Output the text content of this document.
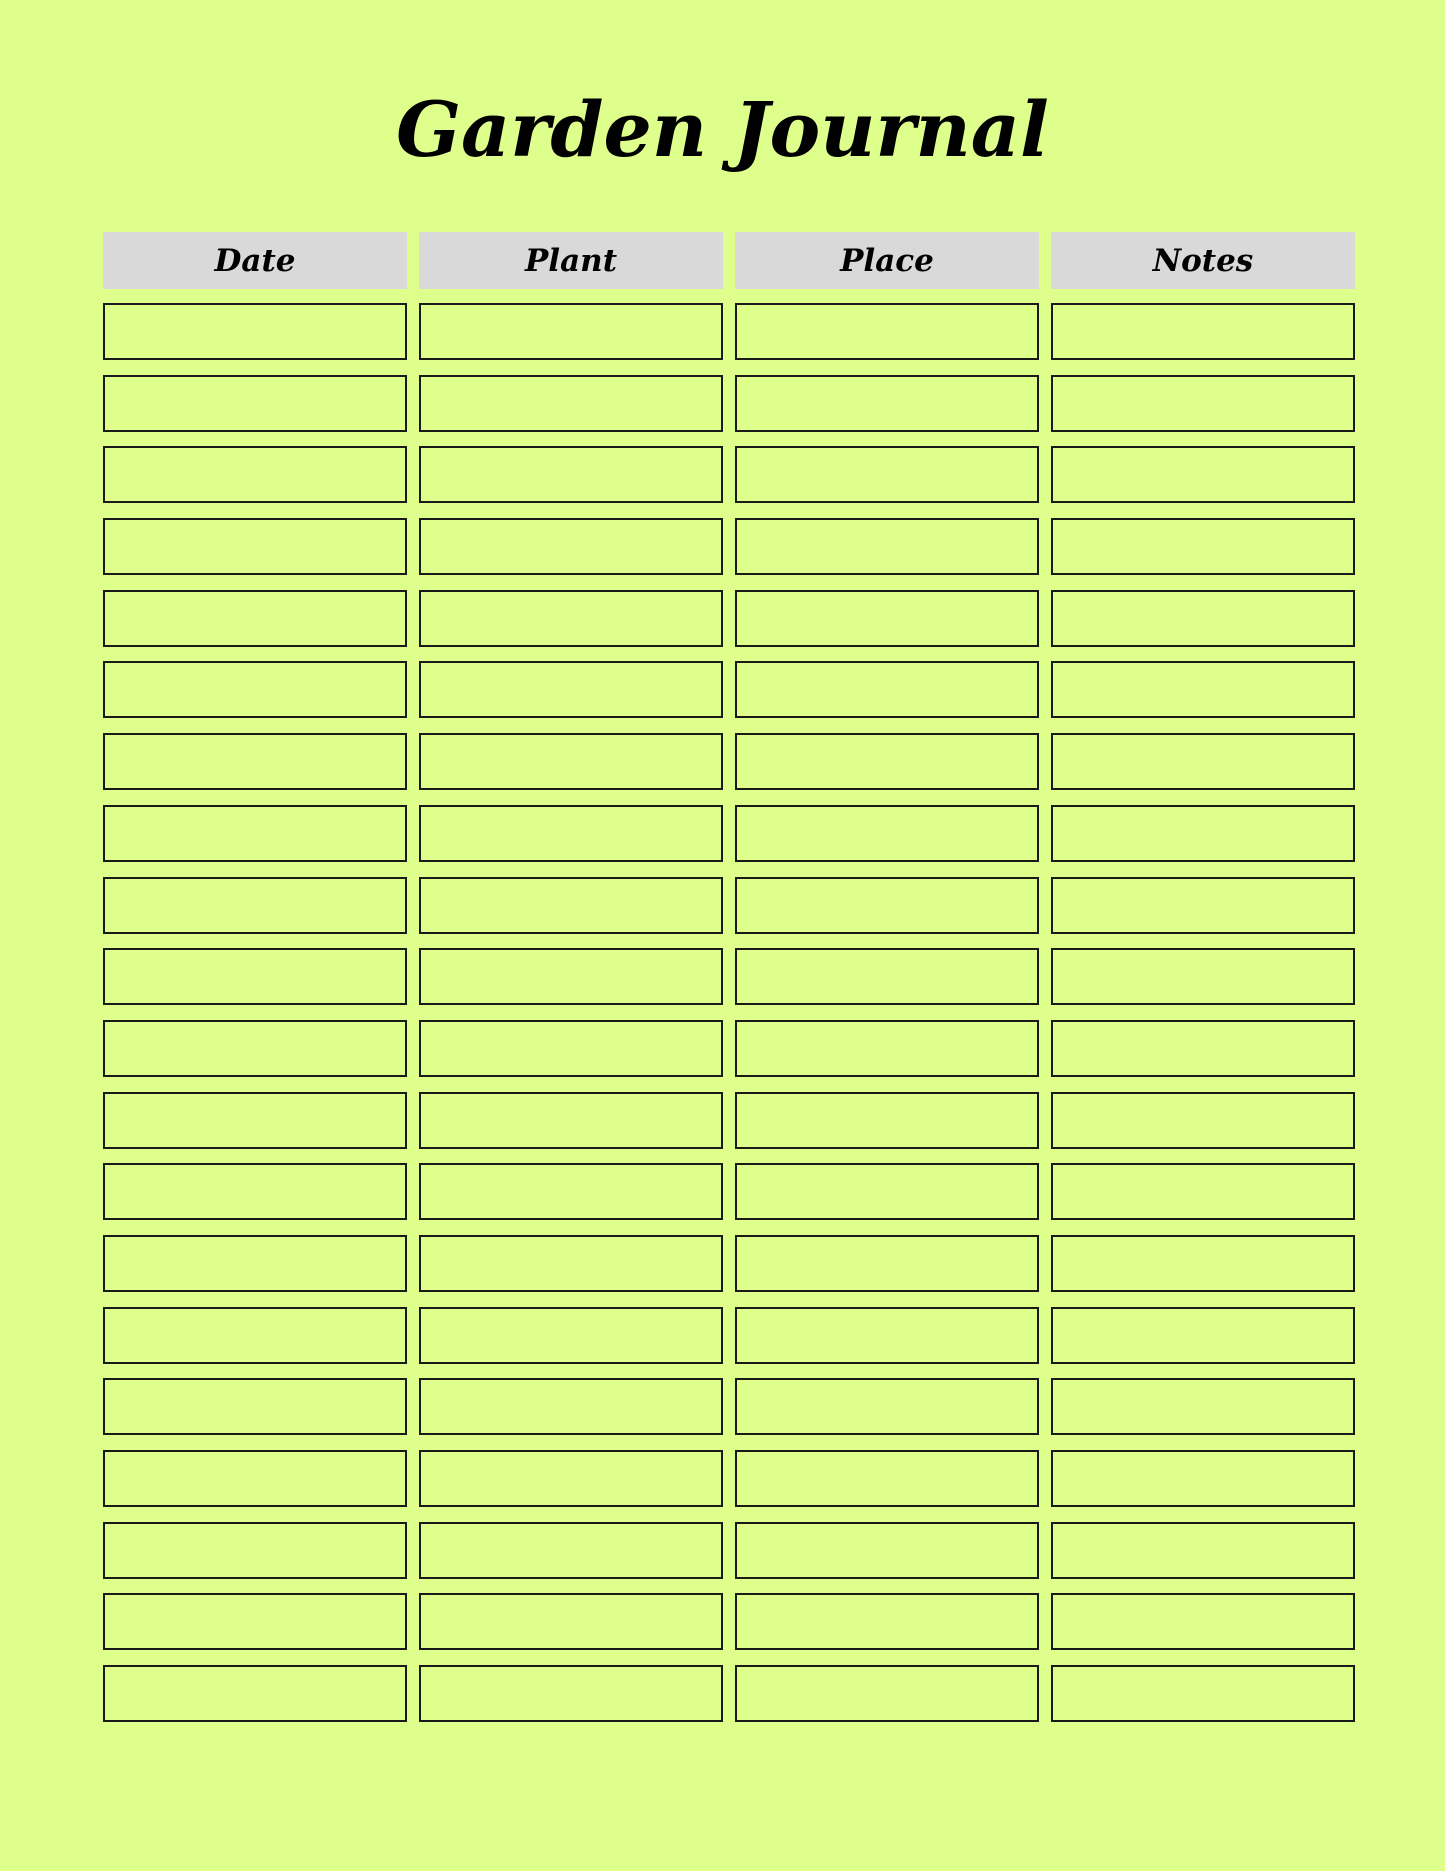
Garden Journal
Date	Plant	Place	Notes
